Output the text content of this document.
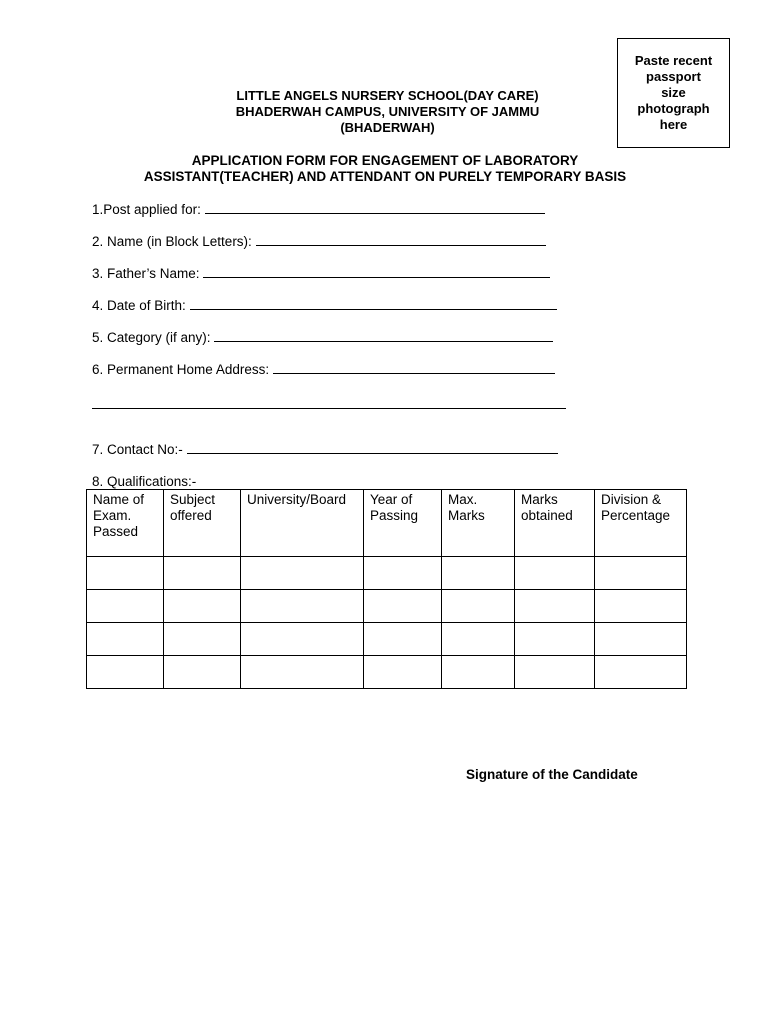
Paste recent
passport
size
photograph
here
LITTLE ANGELS NURSERY SCHOOL(DAY CARE)
BHADERWAH CAMPUS, UNIVERSITY OF JAMMU
(BHADERWAH)
APPLICATION FORM FOR ENGAGEMENT OF LABORATORY
ASSISTANT(TEACHER) AND ATTENDANT ON PURELY TEMPORARY BASIS
1.Post applied for:
2. Name (in Block Letters):
3. Father’s Name:
4. Date of Birth:
5. Category (if any):
6. Permanent Home Address:
7. Contact No:-
8. Qualifications:-
Name of Exam. Passed	Subject offered	University/Board	Year of Passing	Max. Marks	Marks obtained	Division & Percentage

Signature of the Candidate
